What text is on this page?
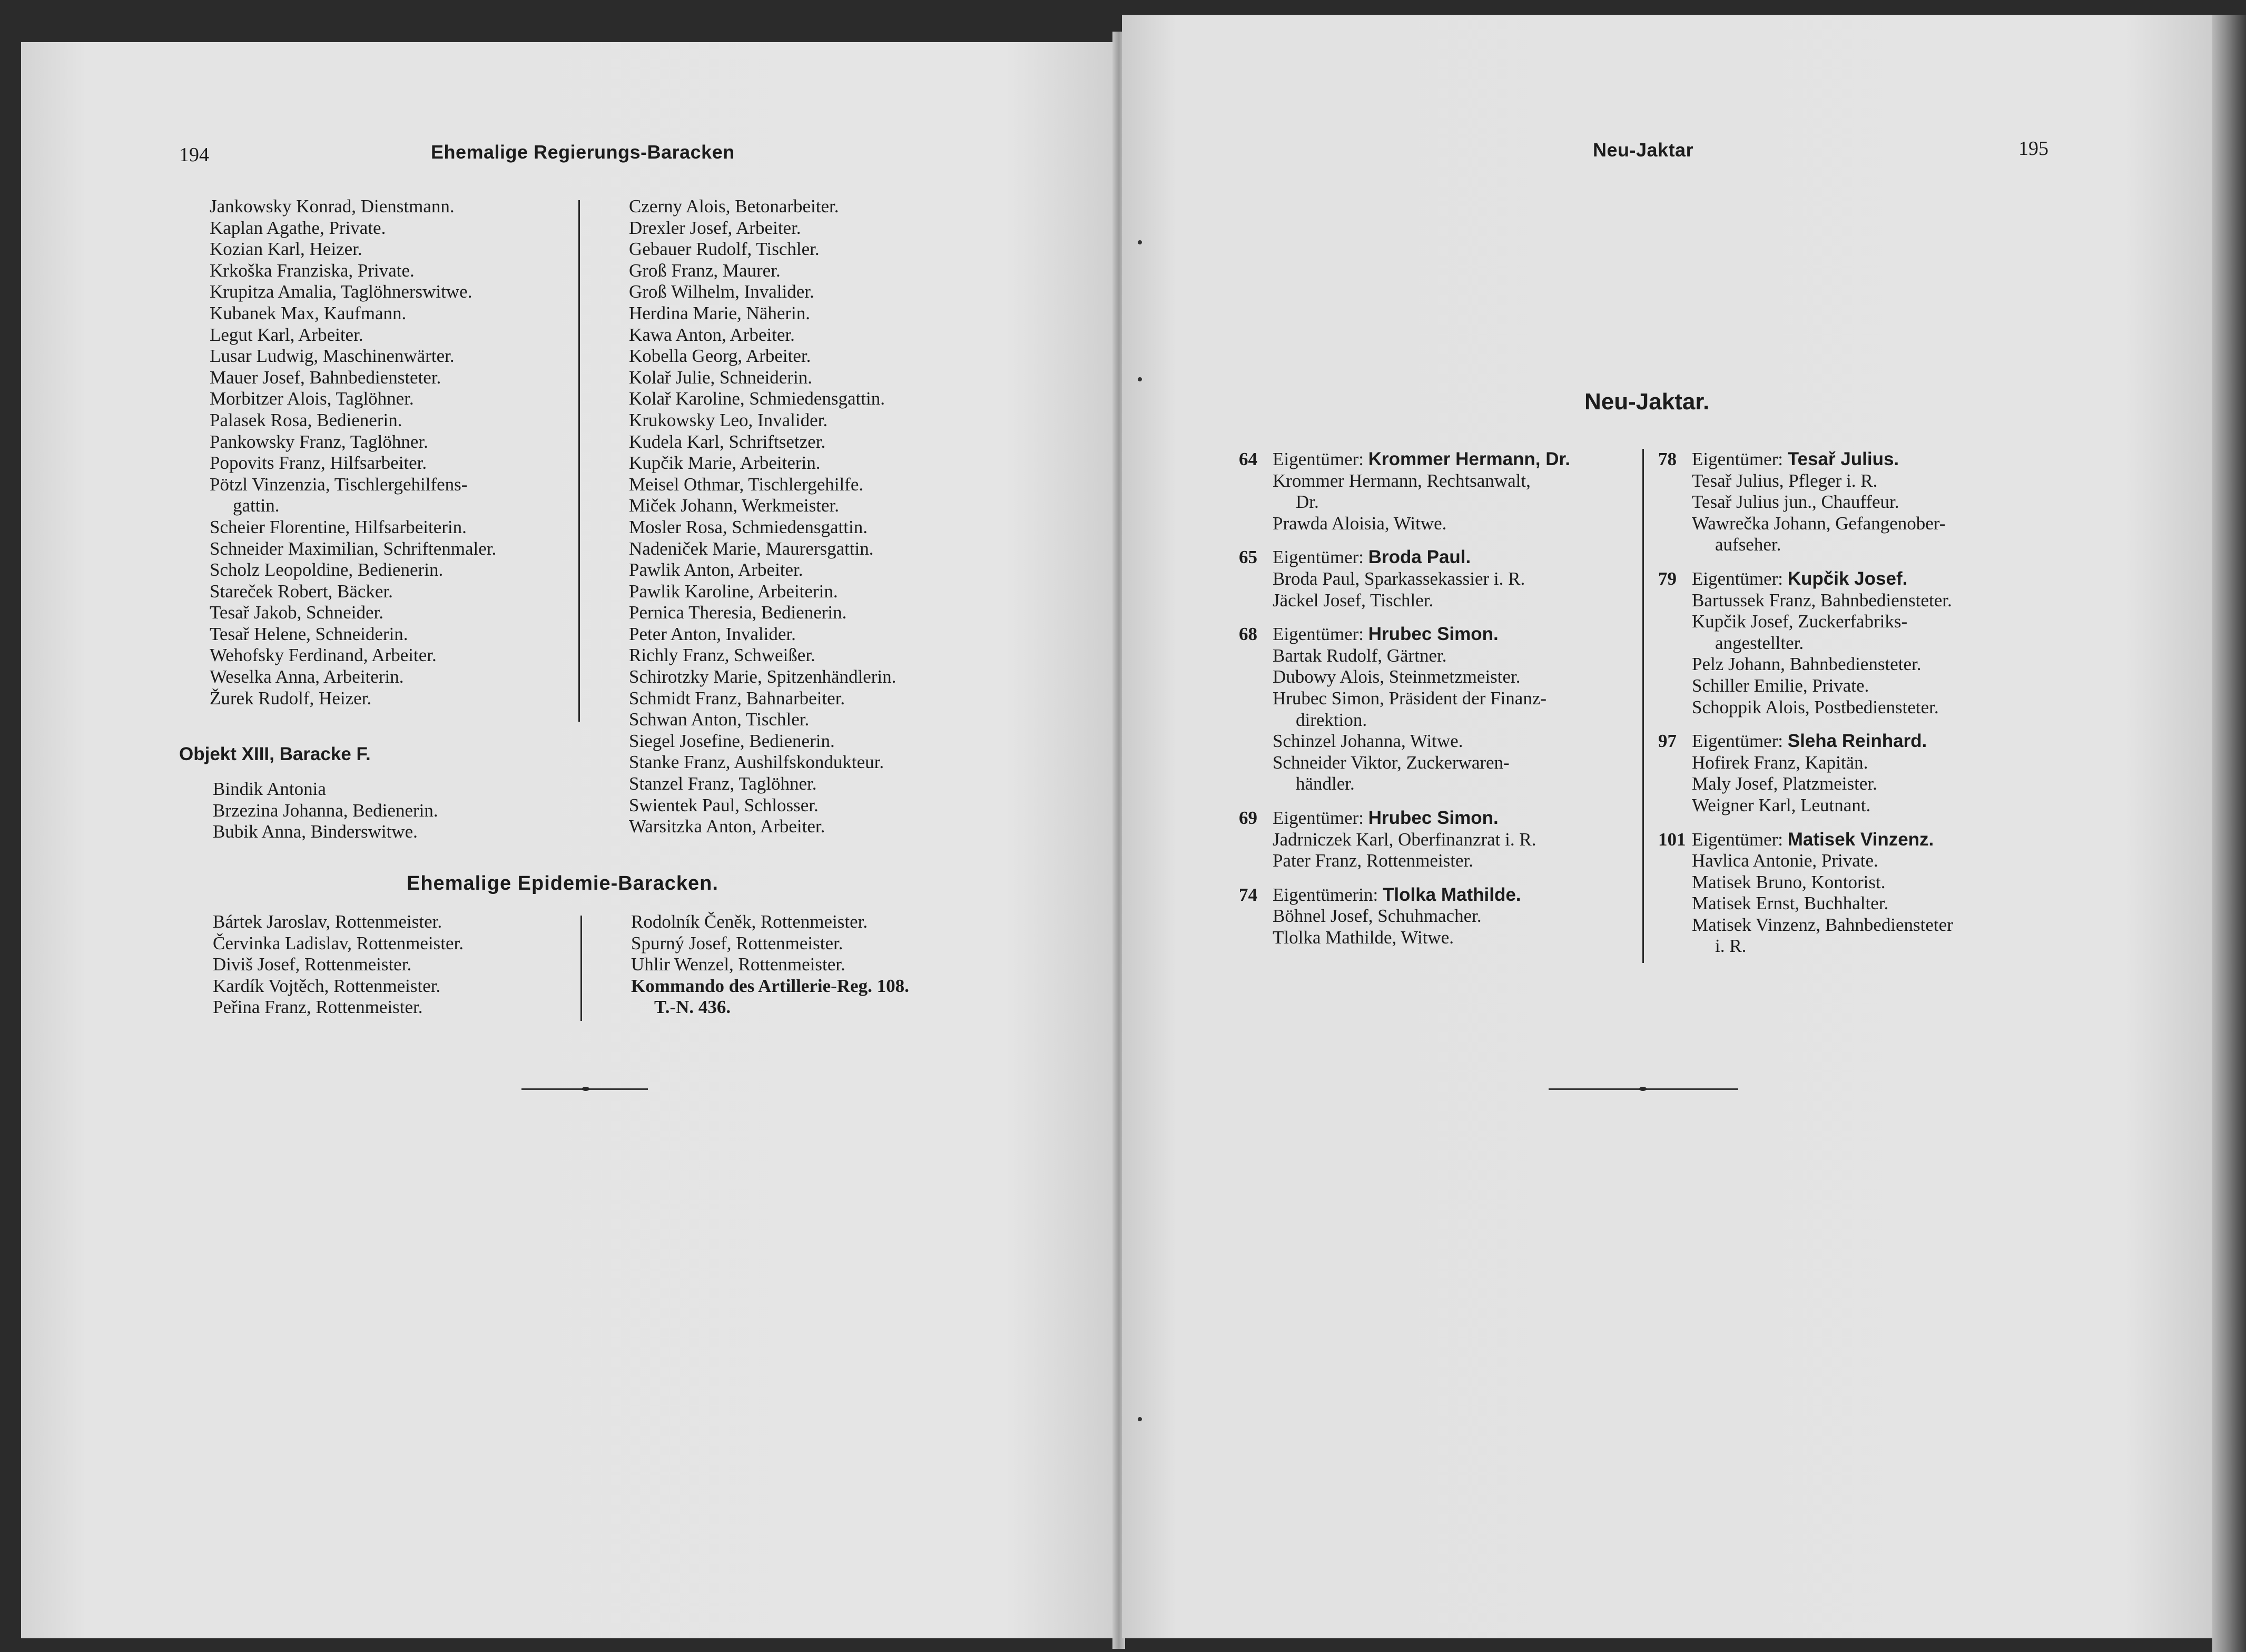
194	Ehemalige Regierungs-Baracken
Jankowsky Konrad, Dienstmann.
Kaplan Agathe, Private.
Kozian Karl, Heizer.
Krkoška Franziska, Private.
Krupitza Amalia, Taglöhnerswitwe.
Kubanek Max, Kaufmann.
Legut Karl, Arbeiter.
Lusar Ludwig, Maschinenwärter.
Mauer Josef, Bahnbediensteter.
Morbitzer Alois, Taglöhner.
Palasek Rosa, Bedienerin.
Pankowsky Franz, Taglöhner.
Popovits Franz, Hilfsarbeiter.
Pötzl Vinzenzia, Tischlergehilfens-
gattin.
Scheier Florentine, Hilfsarbeiterin.
Schneider Maximilian, Schriftenmaler.
Scholz Leopoldine, Bedienerin.
Stareček Robert, Bäcker.
Tesař Jakob, Schneider.
Tesař Helene, Schneiderin.
Wehofsky Ferdinand, Arbeiter.
Weselka Anna, Arbeiterin.
Žurek Rudolf, Heizer.
Czerny Alois, Betonarbeiter.
Drexler Josef, Arbeiter.
Gebauer Rudolf, Tischler.
Groß Franz, Maurer.
Groß Wilhelm, Invalider.
Herdina Marie, Näherin.
Kawa Anton, Arbeiter.
Kobella Georg, Arbeiter.
Kolař Julie, Schneiderin.
Kolař Karoline, Schmiedensgattin.
Krukowsky Leo, Invalider.
Kudela Karl, Schriftsetzer.
Kupčik Marie, Arbeiterin.
Meisel Othmar, Tischlergehilfe.
Miček Johann, Werkmeister.
Mosler Rosa, Schmiedensgattin.
Nadeniček Marie, Maurersgattin.
Pawlik Anton, Arbeiter.
Pawlik Karoline, Arbeiterin.
Pernica Theresia, Bedienerin.
Peter Anton, Invalider.
Richly Franz, Schweißer.
Schirotzky Marie, Spitzenhändlerin.
Schmidt Franz, Bahnarbeiter.
Schwan Anton, Tischler.
Siegel Josefine, Bedienerin.
Stanke Franz, Aushilfskondukteur.
Stanzel Franz, Taglöhner.
Swientek Paul, Schlosser.
Warsitzka Anton, Arbeiter.
Objekt XIII, Baracke F.
Bindik Antonia
Brzezina Johanna, Bedienerin.
Bubik Anna, Binderswitwe.
Ehemalige Epidemie-Baracken.
Bártek Jaroslav, Rottenmeister.
Červinka Ladislav, Rottenmeister.
Diviš Josef, Rottenmeister.
Kardík Vojtěch, Rottenmeister.
Peřina Franz, Rottenmeister.
Rodolník Čeněk, Rottenmeister.
Spurný Josef, Rottenmeister.
Uhlir Wenzel, Rottenmeister.
Kommando des Artillerie-Reg. 108.
T.-N. 436.
Neu-Jaktar	195
Neu-Jaktar.
64 Eigentümer: Krommer Hermann, Dr.
Krommer Hermann, Rechtsanwalt,
Dr.
Prawda Aloisia, Witwe.
65 Eigentümer: Broda Paul.
Broda Paul, Sparkassekassier i. R.
Jäckel Josef, Tischler.
68 Eigentümer: Hrubec Simon.
Bartak Rudolf, Gärtner.
Dubowy Alois, Steinmetzmeister.
Hrubec Simon, Präsident der Finanz-
direktion.
Schinzel Johanna, Witwe.
Schneider Viktor, Zuckerwaren-
händler.
69 Eigentümer: Hrubec Simon.
Jadrniczek Karl, Oberfinanzrat i. R.
Pater Franz, Rottenmeister.
74 Eigentümerin: Tlolka Mathilde.
Böhnel Josef, Schuhmacher.
Tlolka Mathilde, Witwe.
78 Eigentümer: Tesař Julius.
Tesař Julius, Pfleger i. R.
Tesař Julius jun., Chauffeur.
Wawrečka Johann, Gefangenober-
aufseher.
79 Eigentümer: Kupčik Josef.
Bartussek Franz, Bahnbediensteter.
Kupčik Josef, Zuckerfabriks-
angestellter.
Pelz Johann, Bahnbediensteter.
Schiller Emilie, Private.
Schoppik Alois, Postbediensteter.
97 Eigentümer: Sleha Reinhard.
Hofirek Franz, Kapitän.
Maly Josef, Platzmeister.
Weigner Karl, Leutnant.
101 Eigentümer: Matisek Vinzenz.
Havlica Antonie, Private.
Matisek Bruno, Kontorist.
Matisek Ernst, Buchhalter.
Matisek Vinzenz, Bahnbediensteter
i. R.
